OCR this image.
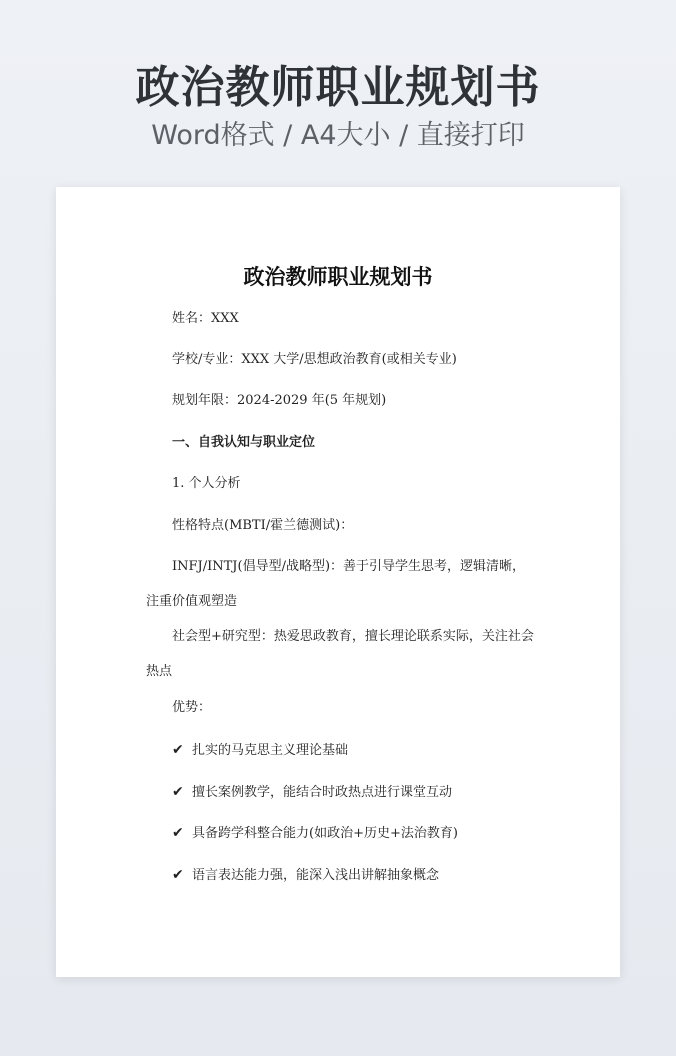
政治教师职业规划书
Word格式 / A4大小 / 直接打印
政治教师职业规划书
姓名：XXX
学校/专业：XXX 大学/思想政治教育(或相关专业)
规划年限：2024-2029 年(5 年规划)
一、自我认知与职业定位
1. 个人分析
性格特点(MBTI/霍兰德测试)：
INFJ/INTJ(倡导型/战略型)：善于引导学生思考，逻辑清晰，注重价值观塑造
社会型+研究型：热爱思政教育，擅长理论联系实际，关注社会热点
优势：
✔ 扎实的马克思主义理论基础
✔ 擅长案例教学，能结合时政热点进行课堂互动
✔ 具备跨学科整合能力(如政治+历史+法治教育)
✔ 语言表达能力强，能深入浅出讲解抽象概念
